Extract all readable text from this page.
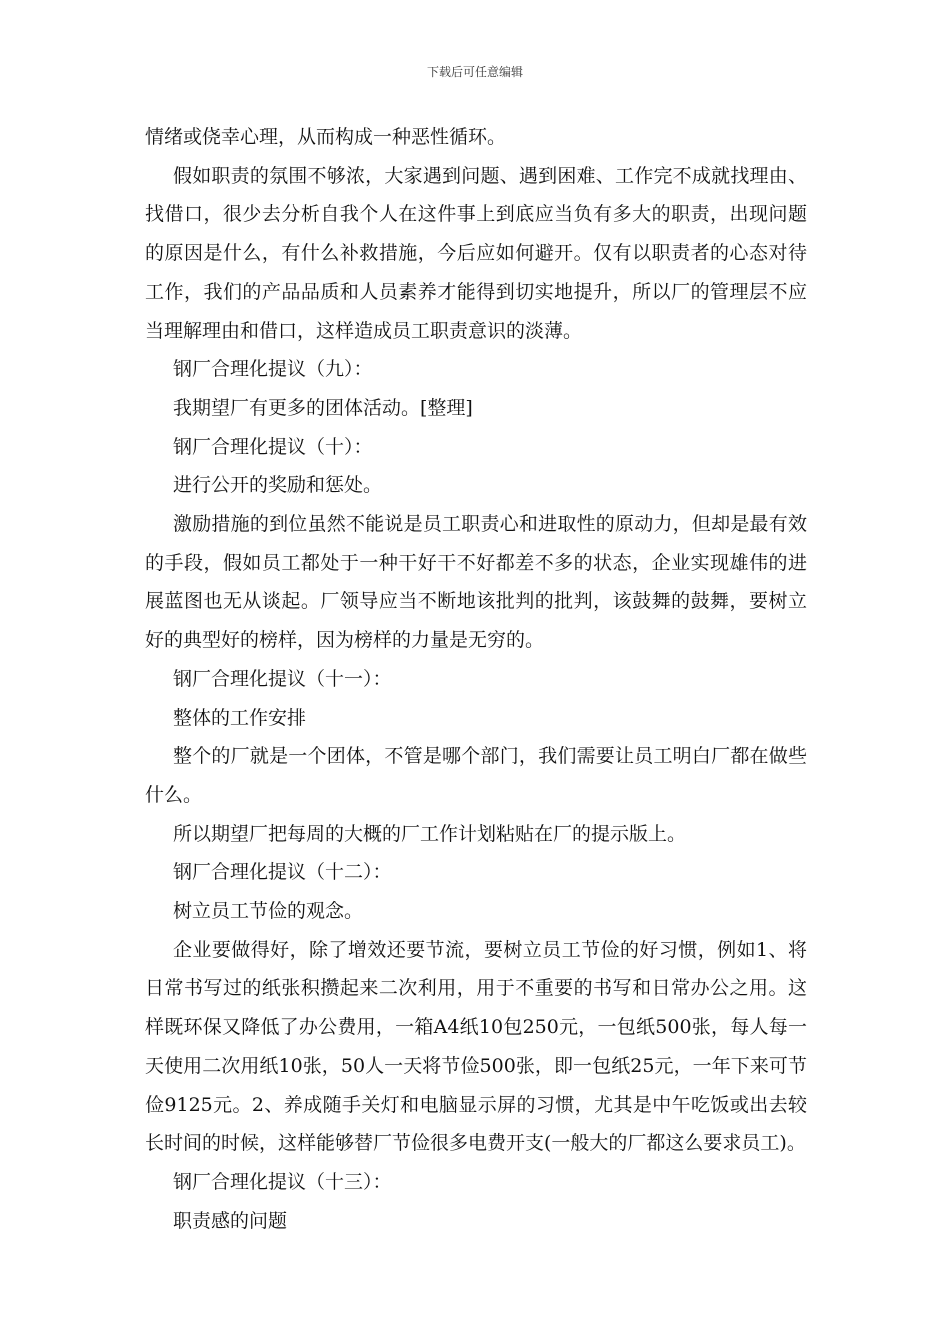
下载后可任意编辑

情绪或侥幸心理，从而构成一种恶性循环。

假如职责的氛围不够浓，大家遇到问题、遇到困难、工作完不成就找理由、找借口，很少去分析自我个人在这件事上到底应当负有多大的职责，出现问题的原因是什么，有什么补救措施，今后应如何避开。仅有以职责者的心态对待工作，我们的产品品质和人员素养才能得到切实地提升，所以厂的管理层不应当理解理由和借口，这样造成员工职责意识的淡薄。

钢厂合理化提议（九）：

我期望厂有更多的团体活动。[整理]

钢厂合理化提议（十）：

进行公开的奖励和惩处。

激励措施的到位虽然不能说是员工职责心和进取性的原动力，但却是最有效的手段，假如员工都处于一种干好干不好都差不多的状态，企业实现雄伟的进展蓝图也无从谈起。厂领导应当不断地该批判的批判，该鼓舞的鼓舞，要树立好的典型好的榜样，因为榜样的力量是无穷的。

钢厂合理化提议（十一）：

整体的工作安排

整个的厂就是一个团体，不管是哪个部门，我们需要让员工明白厂都在做些什么。

所以期望厂把每周的大概的厂工作计划粘贴在厂的提示版上。

钢厂合理化提议（十二）：

树立员工节俭的观念。

企业要做得好，除了增效还要节流，要树立员工节俭的好习惯，例如1、将日常书写过的纸张积攒起来二次利用，用于不重要的书写和日常办公之用。这样既环保又降低了办公费用，一箱A4纸10包250元，一包纸500张，每人每一天使用二次用纸10张，50人一天将节俭500张，即一包纸25元，一年下来可节俭9125元。2、养成随手关灯和电脑显示屏的习惯，尤其是中午吃饭或出去较长时间的时候，这样能够替厂节俭很多电费开支(一般大的厂都这么要求员工)。

钢厂合理化提议（十三）：

职责感的问题
